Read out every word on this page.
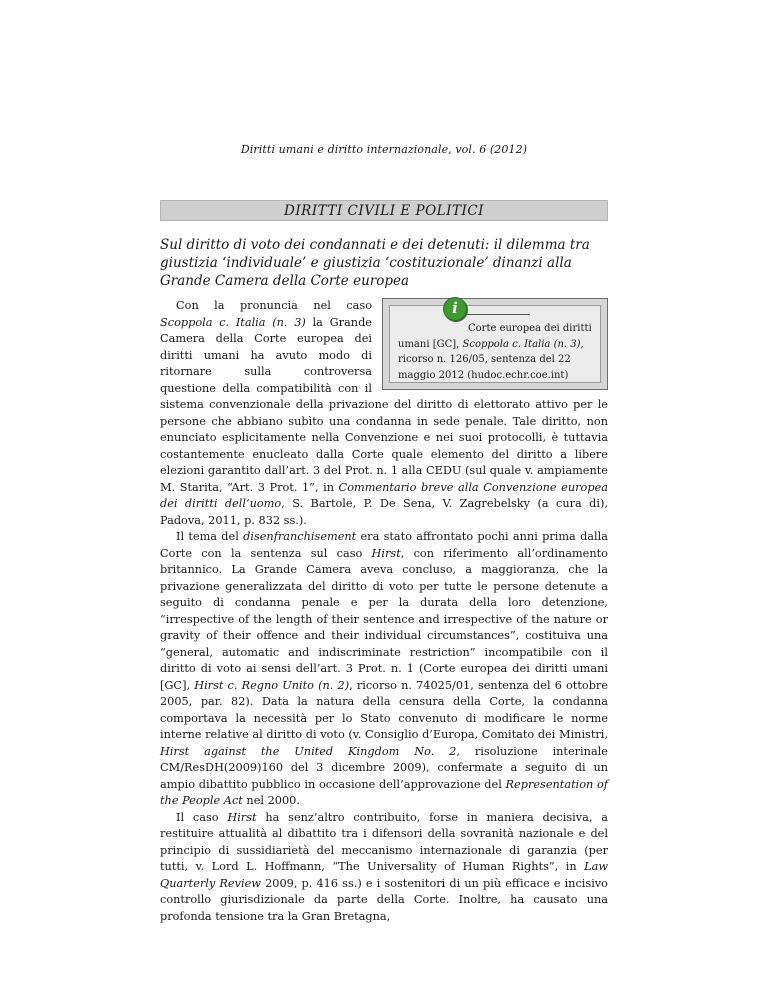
Diritti umani e diritto internazionale, vol. 6 (2012)
DIRITTI CIVILI E POLITICI
Sul diritto di voto dei condannati e dei detenuti: il dilemma tra giustizia ‘individuale’ e giustizia ‘costituzionale’ dinanzi alla Grande Camera della Corte europea
i
Corte europea dei diritti umani [GC], Scoppola c. Italia (n. 3), ricorso n. 126/05, sentenza del 22 maggio 2012 (hudoc.echr.coe.int)

Con la pronuncia nel caso Scoppola c. Italia (n. 3) la Grande Camera della Corte europea dei diritti umani ha avuto modo di ritornare sulla controversa questione della compatibilità con il sistema convenzionale della privazione del diritto di elettorato attivo per le persone che abbiano subìto una condanna in sede penale. Tale diritto, non enunciato esplicitamente nella Convenzione e nei suoi protocolli, è tuttavia costantemente enucleato dalla Corte quale elemento del diritto a libere elezioni garantito dall’art. 3 del Prot. n. 1 alla CEDU (sul quale v. ampiamente M. Starita, “Art. 3 Prot. 1”, in Commentario breve alla Convenzione europea dei diritti dell’uomo, S. Bartole, P. De Sena, V. Zagrebelsky (a cura di), Padova, 2011, p. 832 ss.).

Il tema del disenfranchisement era stato affrontato pochi anni prima dalla Corte con la sentenza sul caso Hirst, con riferimento all’ordinamento britannico. La Grande Camera aveva concluso, a maggioranza, che la privazione generalizzata del diritto di voto per tutte le persone detenute a seguito di condanna penale e per la durata della loro detenzione, “irrespective of the length of their sentence and irrespective of the nature or gravity of their offence and their individual circumstances”, costituiva una “general, automatic and indiscriminate restriction” incompatibile con il diritto di voto ai sensi dell’art. 3 Prot. n. 1 (Corte europea dei diritti umani [GC], Hirst c. Regno Unito (n. 2), ricorso n. 74025/01, sentenza del 6 ottobre 2005, par. 82). Data la natura della censura della Corte, la condanna comportava la necessità per lo Stato convenuto di modificare le norme interne relative al diritto di voto (v. Consiglio d’Europa, Comitato dei Ministri, Hirst against the United Kingdom No. 2, risoluzione interinale CM/ResDH(2009)160 del 3 dicembre 2009), confermate a seguito di un ampio dibattito pubblico in occasione dell’approvazione del Representation of the People Act nel 2000.

Il caso Hirst ha senz’altro contribuito, forse in maniera decisiva, a restituire attualità al dibattito tra i difensori della sovranità nazionale e del principio di sussidiarietà del meccanismo internazionale di garanzia (per tutti, v. Lord L. Hoffmann, “The Universality of Human Rights”, in Law Quarterly Review 2009, p. 416 ss.) e i sostenitori di un più efficace e incisivo controllo giurisdizionale da parte della Corte. Inoltre, ha causato una profonda tensione tra la Gran Bretagna,
